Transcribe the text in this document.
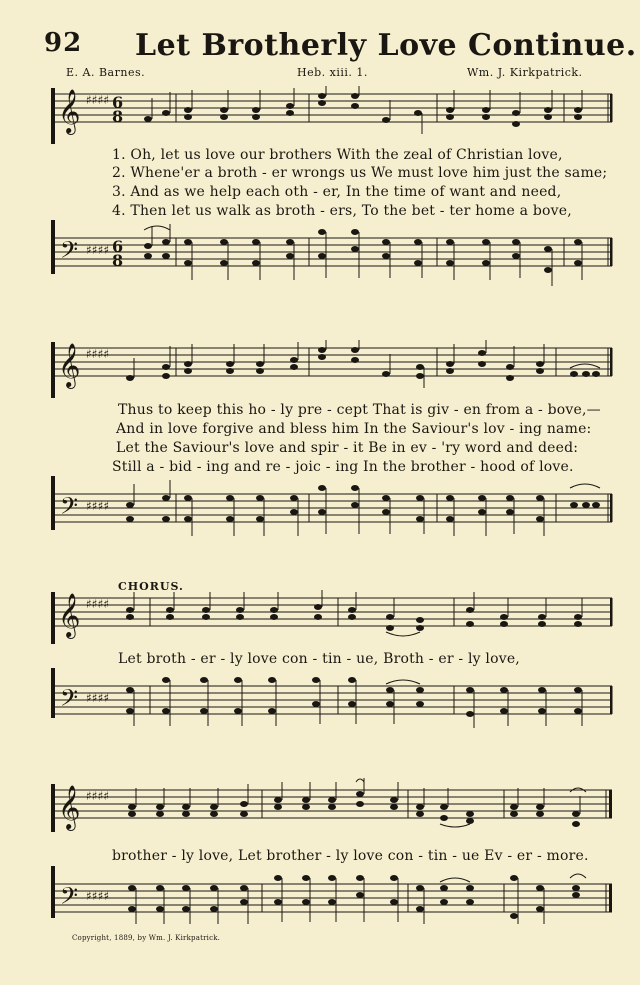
92 Let Brotherly Love Continue.
E. A. Barnes.	Heb. xiii. 1.	Wm. J. Kirkpatrick.
𝄞 ♯♯♯♯ 6
8
1. Oh, let us love our brothers With the zeal of Christian love,
2. Whene'er a broth - er wrongs us We must love him just the same;
3. And as we help each oth - er, In the time of want and need,
4. Then let us walk as broth - ers, To the bet - ter home a bove,
𝄢 ♯♯♯♯ 6
8
𝄞 ♯♯♯♯
Thus to keep this ho - ly pre - cept That is giv - en from a - bove,—
And in love forgive and bless him In the Saviour's lov - ing name:
Let the Saviour's love and spir - it Be in ev - 'ry word and deed:
Still a - bid - ing and re - joic - ing In the brother - hood of love.
𝄢 ♯♯♯♯
CHORUS.
𝄞 ♯♯♯♯
Let broth - er - ly love con - tin - ue, Broth - er - ly love,
𝄢 ♯♯♯♯
𝄞 ♯♯♯♯
brother - ly love, Let brother - ly love con - tin - ue Ev - er - more.
𝄢 ♯♯♯♯
Copyright, 1889, by Wm. J. Kirkpatrick.
